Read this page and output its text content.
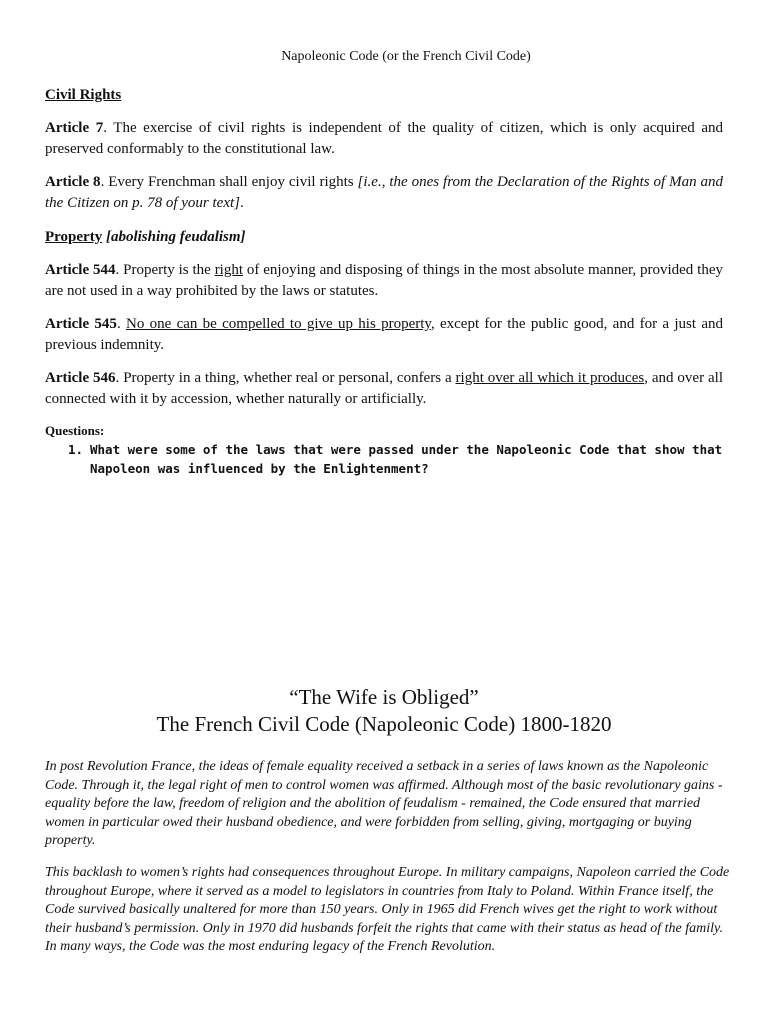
Napoleonic Code (or the French Civil Code)
Civil Rights
Article 7. The exercise of civil rights is independent of the quality of citizen, which is only acquired and preserved conformably to the constitutional law.
Article 8. Every Frenchman shall enjoy civil rights [i.e., the ones from the Declaration of the Rights of Man and the Citizen on p. 78 of your text].
Property [abolishing feudalism]
Article 544. Property is the right of enjoying and disposing of things in the most absolute manner, provided they are not used in a way prohibited by the laws or statutes.
Article 545. No one can be compelled to give up his property, except for the public good, and for a just and previous indemnity.
Article 546. Property in a thing, whether real or personal, confers a right over all which it produces, and over all connected with it by accession, whether naturally or artificially.
Questions:
1. What were some of the laws that were passed under the Napoleonic Code that show that Napoleon was influenced by the Enlightenment?
“The Wife is Obliged”
The French Civil Code (Napoleonic Code) 1800-1820
In post Revolution France, the ideas of female equality received a setback in a series of laws known as the Napoleonic Code. Through it, the legal right of men to control women was affirmed. Although most of the basic revolutionary gains - equality before the law, freedom of religion and the abolition of feudalism - remained, the Code ensured that married women in particular owed their husband obedience, and were forbidden from selling, giving, mortgaging or buying property.
This backlash to women’s rights had consequences throughout Europe. In military campaigns, Napoleon carried the Code throughout Europe, where it served as a model to legislators in countries from Italy to Poland. Within France itself, the Code survived basically unaltered for more than 150 years. Only in 1965 did French wives get the right to work without their husband’s permission. Only in 1970 did husbands forfeit the rights that came with their status as head of the family. In many ways, the Code was the most enduring legacy of the French Revolution.
